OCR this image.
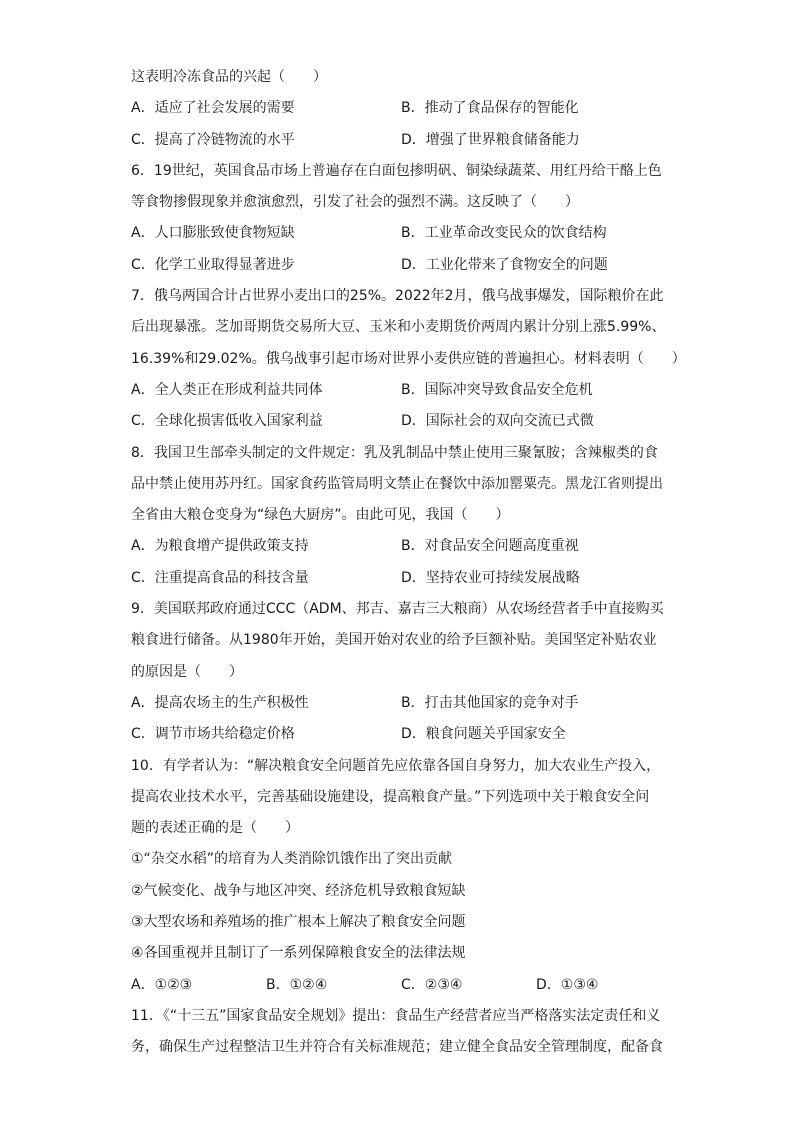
这表明冷冻食品的兴起（　　）
A．适应了社会发展的需要	B．推动了食品保存的智能化
C．提高了冷链物流的水平	D．增强了世界粮食储备能力
6．19世纪，英国食品市场上普遍存在白面包掺明矾、铜染绿蔬菜、用红丹给干酪上色
等食物掺假现象并愈演愈烈，引发了社会的强烈不满。这反映了（　　）
A．人口膨胀致使食物短缺	B．工业革命改变民众的饮食结构
C．化学工业取得显著进步	D．工业化带来了食物安全的问题
7．俄乌两国合计占世界小麦出口的25%。2022年2月，俄乌战事爆发，国际粮价在此
后出现暴涨。芝加哥期货交易所大豆、玉米和小麦期货价两周内累计分别上涨5.99%、
16.39%和29.02%。俄乌战事引起市场对世界小麦供应链的普遍担心。材料表明（　　）
A．全人类正在形成利益共同体	B．国际冲突导致食品安全危机
C．全球化损害低收入国家利益	D．国际社会的双向交流已式微
8．我国卫生部牵头制定的文件规定：乳及乳制品中禁止使用三聚氰胺；含辣椒类的食
品中禁止使用苏丹红。国家食药监管局明文禁止在餐饮中添加罂粟壳。黑龙江省则提出
全省由大粮仓变身为“绿色大厨房”。由此可见，我国（　　）
A．为粮食增产提供政策支持	B．对食品安全问题高度重视
C．注重提高食品的科技含量	D．坚持农业可持续发展战略
9．美国联邦政府通过CCC（ADM、邦吉、嘉吉三大粮商）从农场经营者手中直接购买
粮食进行储备。从1980年开始，美国开始对农业的给予巨额补贴。美国坚定补贴农业
的原因是（　　）
A．提高农场主的生产积极性	B．打击其他国家的竞争对手
C．调节市场共给稳定价格	D．粮食问题关乎国家安全
10．有学者认为：“解决粮食安全问题首先应依靠各国自身努力，加大农业生产投入，
提高农业技术水平，完善基础设施建设，提高粮食产量。”下列选项中关于粮食安全问
题的表述正确的是（　　）
①“杂交水稻”的培育为人类消除饥饿作出了突出贡献
②气候变化、战争与地区冲突、经济危机导致粮食短缺
③大型农场和养殖场的推广根本上解决了粮食安全问题
④各国重视并且制订了一系列保障粮食安全的法律法规
A．①②③	B．①②④	C．②③④	D．①③④
11．《“十三五”国家食品安全规划》提出：食品生产经营者应当严格落实法定责任和义
务，确保生产过程整洁卫生并符合有关标准规范；建立健全食品安全管理制度，配备食
